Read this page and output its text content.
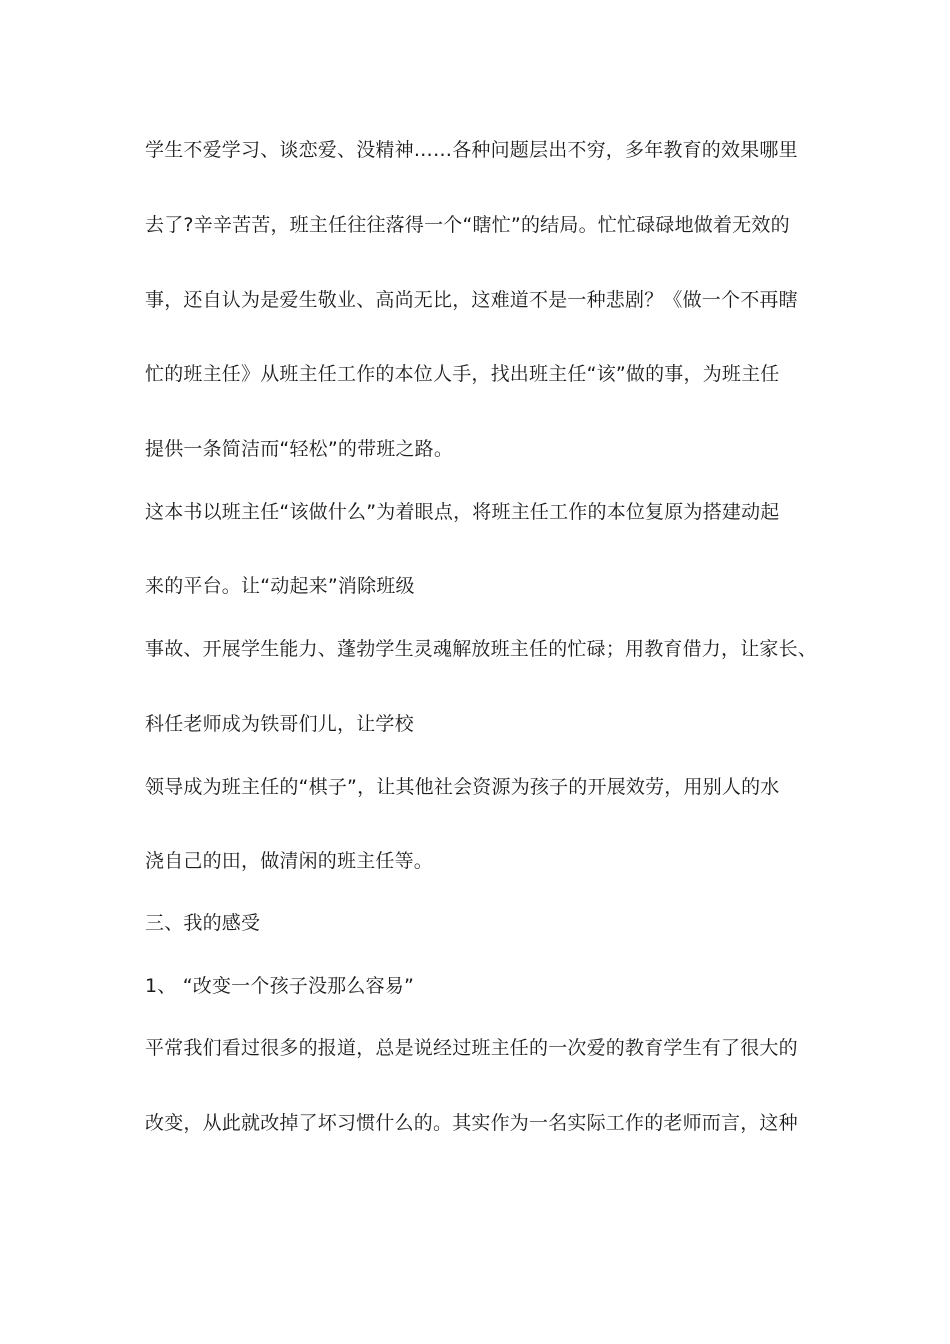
学生不爱学习、谈恋爱、没精神……各种问题层出不穷，多年教育的效果哪里
去了?辛辛苦苦，班主任往往落得一个“瞎忙”的结局。忙忙碌碌地做着无效的
事，还自认为是爱生敬业、高尚无比，这难道不是一种悲剧？《做一个不再瞎
忙的班主任》从班主任工作的本位人手，找出班主任“该”做的事，为班主任
提供一条简洁而“轻松”的带班之路。
这本书以班主任“该做什么”为着眼点，将班主任工作的本位复原为搭建动起
来的平台。让“动起来”消除班级
事故、开展学生能力、蓬勃学生灵魂解放班主任的忙碌；用教育借力，让家长、
科任老师成为铁哥们儿，让学校
领导成为班主任的“棋子”，让其他社会资源为孩子的开展效劳，用别人的水
浇自己的田，做清闲的班主任等。
三、我的感受
1、 “改变一个孩子没那么容易”
平常我们看过很多的报道，总是说经过班主任的一次爱的教育学生有了很大的
改变，从此就改掉了坏习惯什么的。其实作为一名实际工作的老师而言，这种
